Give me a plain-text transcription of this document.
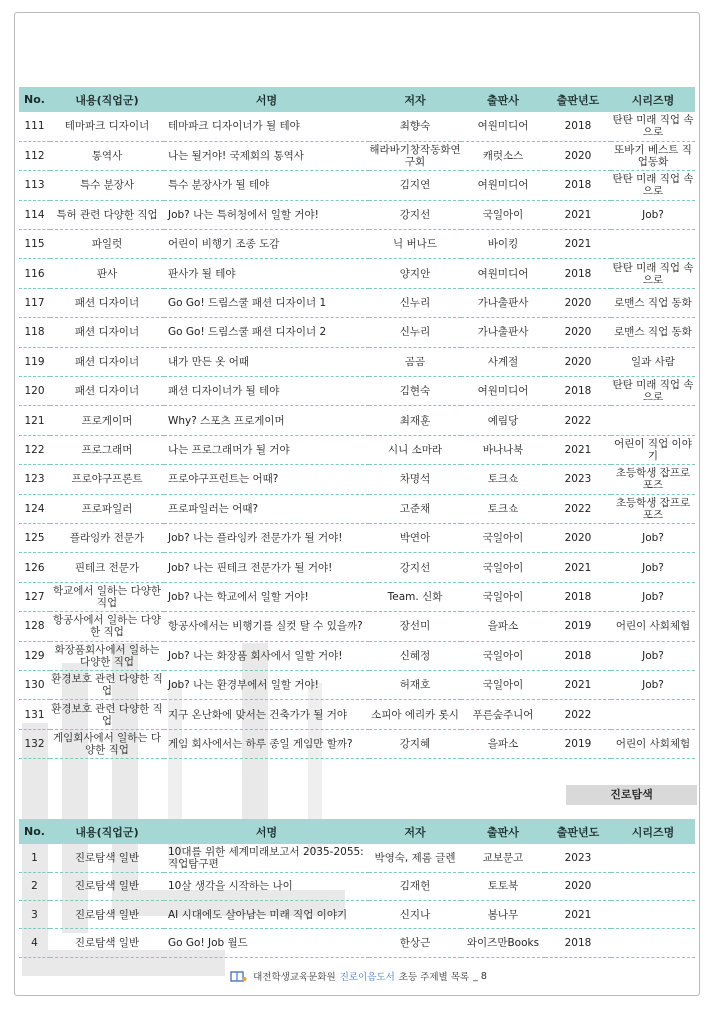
No.	내용(직업군)	서명	저자	출판사	출판년도	시리즈명
111	테마파크 디자이너	테마파크 디자이너가 될 테야	최향숙	여원미디어	2018	탄탄 미래 직업 속으로
112	통역사	나는 될거야! 국제회의 통역사	해라바기창작동화연구회	캐럿소스	2020	또바기 베스트 직업동화
113	특수 분장사	특수 분장사가 될 테야	김지연	여원미디어	2018	탄탄 미래 직업 속으로
114	특허 관련 다양한 직업	Job? 나는 특허청에서 일할 거야!	강지선	국일아이	2021	Job?
115	파일럿	어린이 비행기 조종 도감	닉 버나드	바이킹	2021	
116	판사	판사가 될 테야	양지안	여원미디어	2018	탄탄 미래 직업 속으로
117	패션 디자이너	Go Go! 드림스쿨 패션 디자이너 1	신누리	가나출판사	2020	로맨스 직업 동화
118	패션 디자이너	Go Go! 드림스쿨 패션 디자이너 2	신누리	가나출판사	2020	로맨스 직업 동화
119	패션 디자이너	내가 만든 옷 어때	곰곰	사계절	2020	일과 사람
120	패션 디자이너	패션 디자이너가 될 테야	김현숙	여원미디어	2018	탄탄 미래 직업 속으로
121	프로게이머	Why? 스포츠 프로게이머	최재훈	예림당	2022	
122	프로그래머	나는 프로그래머가 될 거야	시니 소마라	바나나북	2021	어린이 직업 이야기
123	프로야구프론트	프로야구프런트는 어때?	차명석	토크쇼	2023	초등학생 잡프로포즈
124	프로파일러	프로파일러는 어때?	고준채	토크쇼	2022	초등학생 잡프로포즈
125	플라잉카 전문가	Job? 나는 플라잉카 전문가가 될 거야!	박연아	국일아이	2020	Job?
126	핀테크 전문가	Job? 나는 핀테크 전문가가 될 거야!	강지선	국일아이	2021	Job?
127	학교에서 일하는 다양한 직업	Job? 나는 학교에서 일할 거야!	Team. 신화	국일아이	2018	Job?
128	항공사에서 일하는 다양한 직업	항공사에서는 비행기를 실컷 탈 수 있을까?	장선미	을파소	2019	어린이 사회체험
129	화장품회사에서 일하는 다양한 직업	Job? 나는 화장품 회사에서 일할 거야!	신혜정	국일아이	2018	Job?
130	환경보호 관련 다양한 직업	Job? 나는 환경부에서 일할 거야!	허재호	국일아이	2021	Job?
131	환경보호 관련 다양한 직업	지구 온난화에 맞서는 건축가가 될 거야	소피아 에리카 롯시	푸른숲주니어	2022	
132	게임회사에서 일하는 다양한 직업	게임 회사에서는 하루 종일 게임만 할까?	강지혜	을파소	2019	어린이 사회체험
진로탐색
No.	내용(직업군)	서명	저자	출판사	출판년도	시리즈명
1	진로탐색 일반	10대를 위한 세계미래보고서 2035-2055: 직업탐구편	박영숙, 제롬 글렌	교보문고	2023	
2	진로탐색 일반	10살 생각을 시작하는 나이	김재헌	토토북	2020	
3	진로탐색 일반	AI 시대에도 살아남는 미래 직업 이야기	신지나	봄나무	2021	
4	진로탐색 일반	Go Go! Job 월드	한상근	와이즈만Books	2018	
대전학생교육문화원 진로이음도서 초등 주제별 목록 _ 8
